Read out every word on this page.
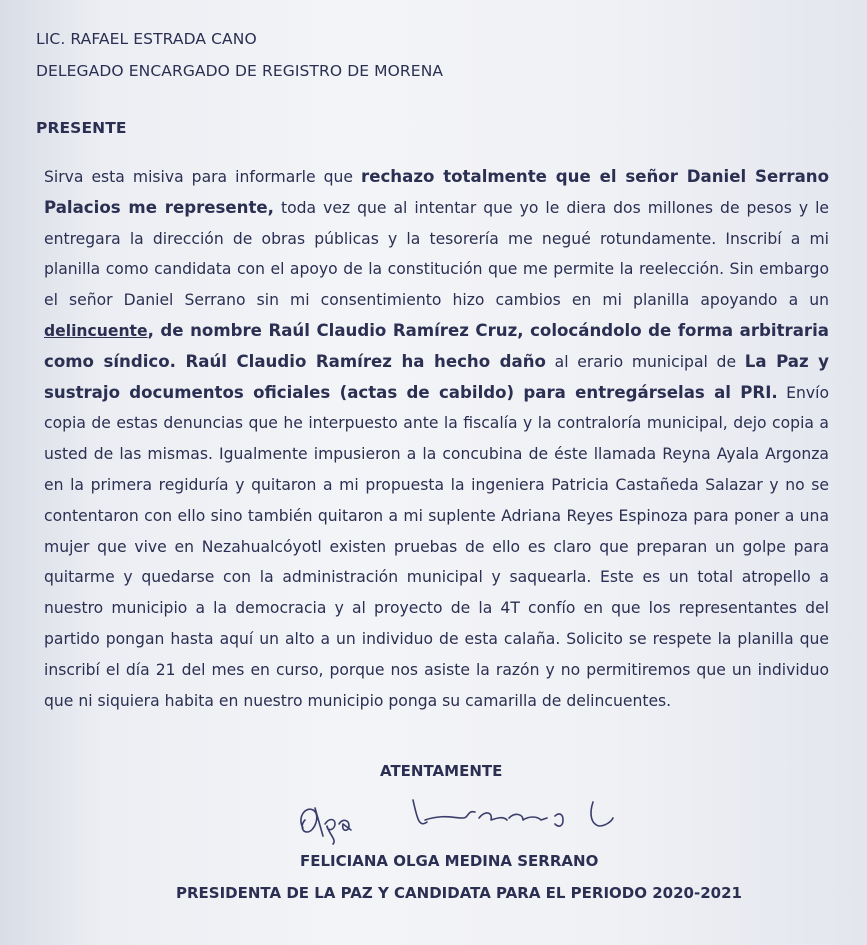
LIC. RAFAEL ESTRADA CANO
DELEGADO ENCARGADO DE REGISTRO DE MORENA
PRESENTE

Sirva esta misiva para informarle que rechazo totalmente que el señor Daniel Serrano Palacios me represente, toda vez que al intentar que yo le diera dos millones de pesos y le entregara la dirección de obras públicas y la tesorería me negué rotundamente. Inscribí a mi planilla como candidata con el apoyo de la constitución que me permite la reelección. Sin embargo el señor Daniel Serrano sin mi consentimiento hizo cambios en mi planilla apoyando a un delincuente, de nombre Raúl Claudio Ramírez Cruz, colocándolo de forma arbitraria como síndico. Raúl Claudio Ramírez ha hecho daño al erario municipal de La Paz y sustrajo documentos oficiales (actas de cabildo) para entregárselas al PRI. Envío copia de estas denuncias que he interpuesto ante la fiscalía y la contraloría municipal, dejo copia a usted de las mismas. Igualmente impusieron a la concubina de éste llamada Reyna Ayala Argonza en la primera regiduría y quitaron a mi propuesta la ingeniera Patricia Castañeda Salazar y no se contentaron con ello sino también quitaron a mi suplente Adriana Reyes Espinoza para poner a una mujer que vive en Nezahualcóyotl existen pruebas de ello es claro que preparan un golpe para quitarme y quedarse con la administración municipal y saquearla. Este es un total atropello a nuestro municipio a la democracia y al proyecto de la 4T confío en que los representantes del partido pongan hasta aquí un alto a un individuo de esta calaña. Solicito se respete la planilla que inscribí el día 21 del mes en curso, porque nos asiste la razón y no permitiremos que un individuo que ni siquiera habita en nuestro municipio ponga su camarilla de delincuentes.

ATENTAMENTE
FELICIANA OLGA MEDINA SERRANO
PRESIDENTA DE LA PAZ Y CANDIDATA PARA EL PERIODO 2020-2021
